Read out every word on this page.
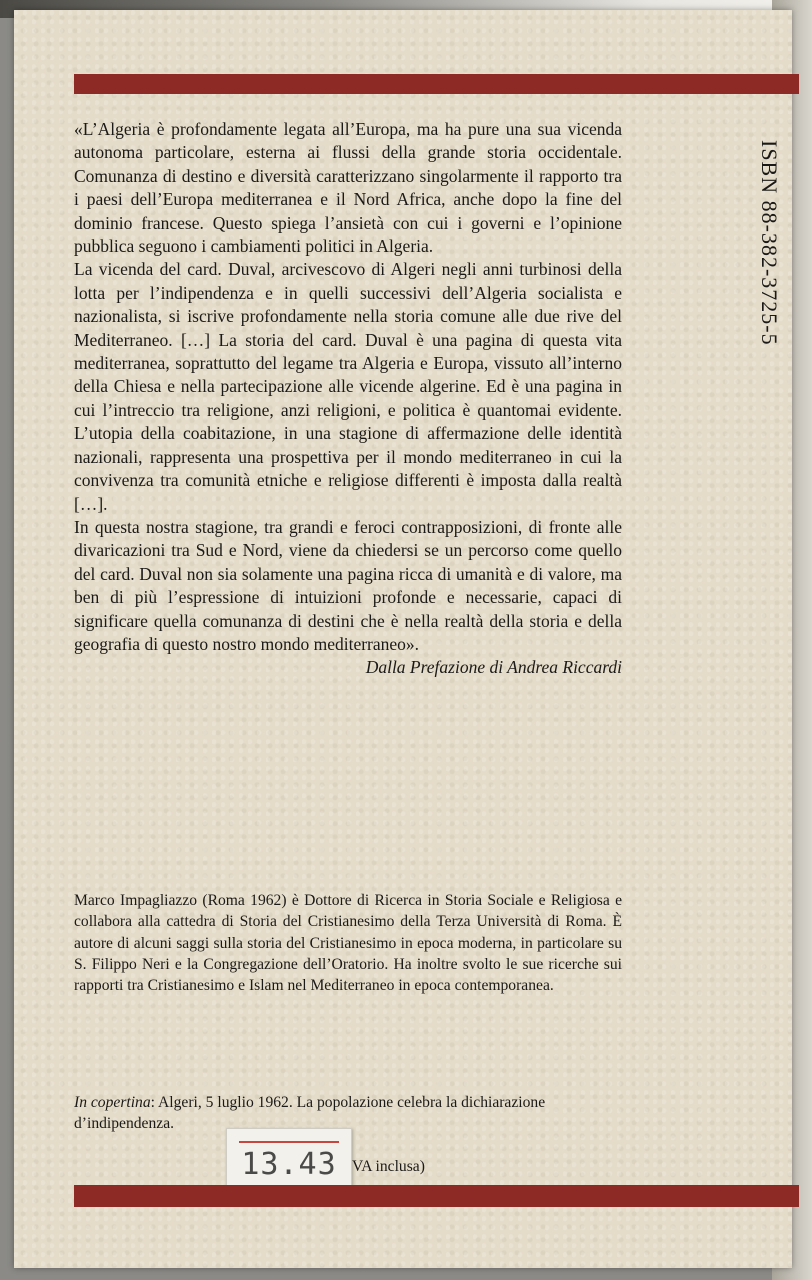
ISBN 88-382-3725-5

«L’Algeria è profondamente legata all’Europa, ma ha pure una sua vicenda autonoma particolare, esterna ai flussi della grande storia occidentale. Comunanza di destino e diversità caratterizzano singolarmente il rapporto tra i paesi dell’Europa mediterranea e il Nord Africa, anche dopo la fine del dominio francese. Questo spiega l’ansietà con cui i governi e l’opinione pubblica seguono i cambiamenti politici in Algeria.

La vicenda del card. Duval, arcivescovo di Algeri negli anni turbinosi della lotta per l’indipendenza e in quelli successivi dell’Algeria socialista e nazionalista, si iscrive profondamente nella storia comune alle due rive del Mediterraneo. […] La storia del card. Duval è una pagina di questa vita mediterranea, soprattutto del legame tra Algeria e Europa, vissuto all’interno della Chiesa e nella partecipazione alle vicende algerine. Ed è una pagina in cui l’intreccio tra religione, anzi religioni, e politica è quantomai evidente. L’utopia della coabitazione, in una stagione di affermazione delle identità nazionali, rappresenta una prospettiva per il mondo mediterraneo in cui la convivenza tra comunità etniche e religiose differenti è imposta dalla realtà […].

In questa nostra stagione, tra grandi e feroci contrapposizioni, di fronte alle divaricazioni tra Sud e Nord, viene da chiedersi se un percorso come quello del card. Duval non sia solamente una pagina ricca di umanità e di valore, ma ben di più l’espressione di intuizioni profonde e necessarie, capaci di significare quella comunanza di destini che è nella realtà della storia e della geografia di questo nostro mondo mediterraneo».

Dalla Prefazione di Andrea Riccardi

Marco Impagliazzo (Roma 1962) è Dottore di Ricerca in Storia Sociale e Religiosa e collabora alla cattedra di Storia del Cristianesimo della Terza Università di Roma. È autore di alcuni saggi sulla storia del Cristianesimo in epoca moderna, in particolare su S. Filippo Neri e la Congregazione dell’Oratorio. Ha inoltre svolto le sue ricerche sui rapporti tra Cristianesimo e Islam nel Mediterraneo in epoca contemporanea.
In copertina: Algeri, 5 luglio 1962. La popolazione celebra la dichiarazione d’indipendenza.
VA inclusa)
13.43
